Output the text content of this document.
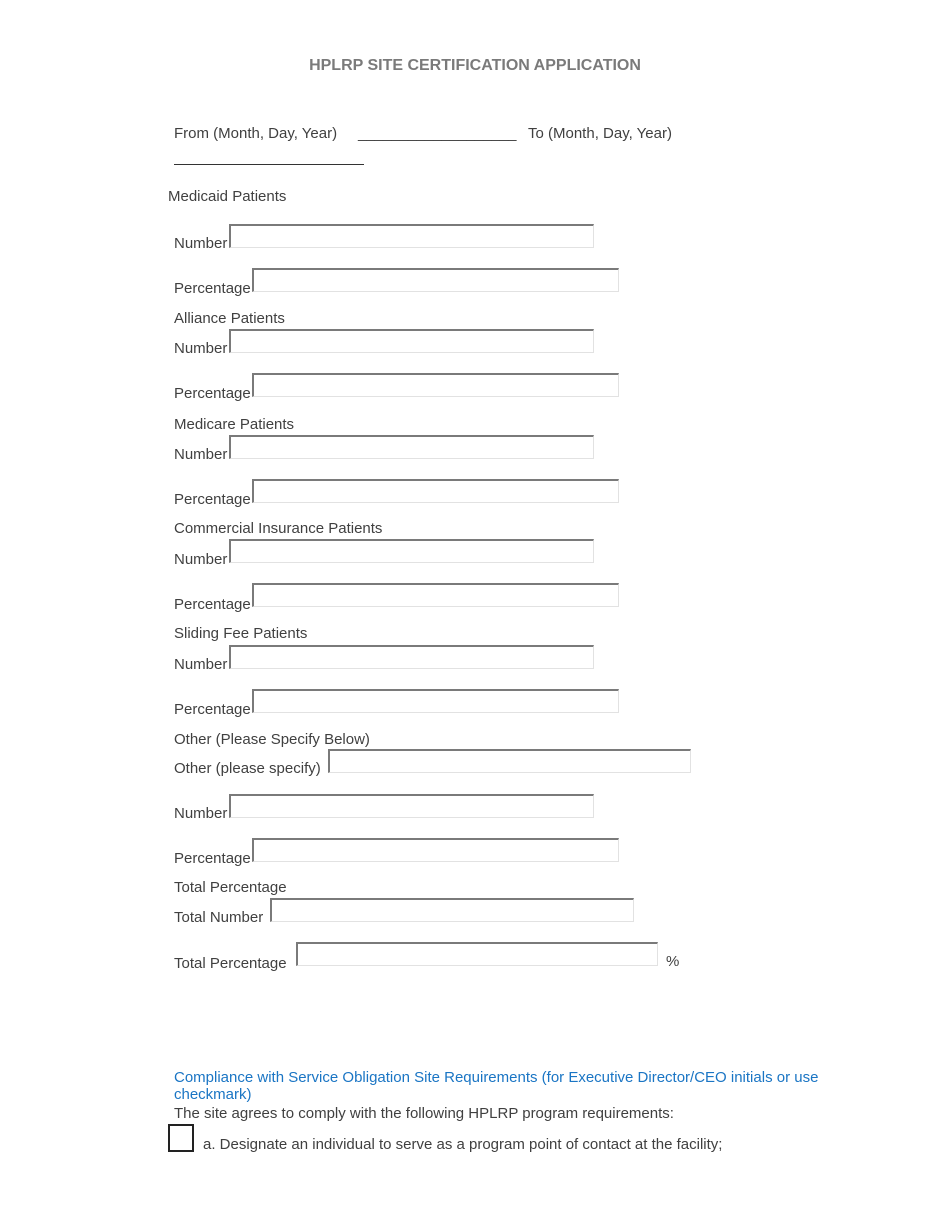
HPLRP SITE CERTIFICATION APPLICATION
From (Month, Day, Year) ___________________ To (Month, Day, Year)
Medicaid Patients
Number
Percentage
Alliance Patients
Number
Percentage
Medicare Patients
Number
Percentage
Commercial Insurance Patients
Number
Percentage
Sliding Fee Patients
Number
Percentage
Other (Please Specify Below)
Other (please specify)
Number
Percentage
Total Percentage
Total Number
Total Percentage	%
Compliance with Service Obligation Site Requirements (for Executive Director/CEO initials or use checkmark)
The site agrees to comply with the following HPLRP program requirements:
a. Designate an individual to serve as a program point of contact at the facility;
